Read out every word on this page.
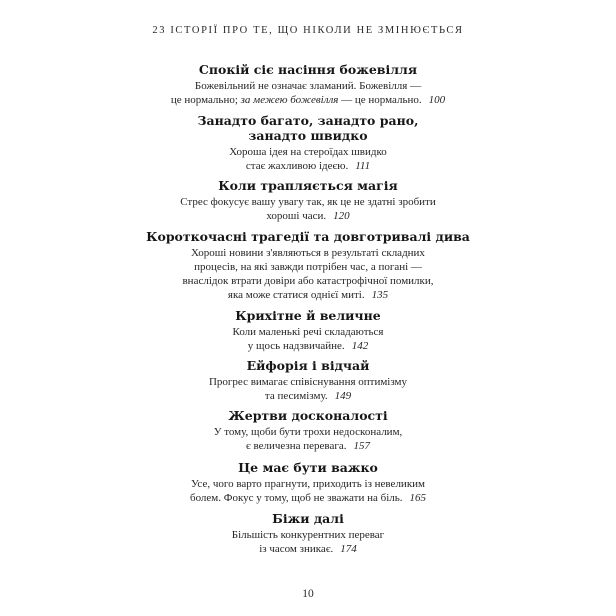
23 ІСТОРІЇ ПРО ТЕ, ЩО НІКОЛИ НЕ ЗМІНЮЄТЬСЯ
Спокій сіє насіння божевілля
Божевільний не означає зламаний. Божевілля —
це нормально; за межею божевілля — це нормально. 100
Занадто багато, занадто рано,
занадто швидко
Хороша ідея на стероїдах швидко
стає жахливою ідеєю. 111
Коли трапляється магія
Стрес фокусує вашу увагу так, як це не здатні зробити
хороші часи. 120
Короткочасні трагедії та довготривалі дива
Хороші новини з'являються в результаті складних
процесів, на які завжди потрібен час, а погані —
внаслідок втрати довіри або катастрофічної помилки,
яка може статися однієї миті. 135
Крихітне й величне
Коли маленькі речі складаються
у щось надзвичайне. 142
Ейфорія і відчай
Прогрес вимагає співіснування оптимізму
та песимізму. 149
Жертви досконалості
У тому, щоби бути трохи недосконалим,
є величезна перевага. 157
Це має бути важко
Усе, чого варто прагнути, приходить із невеликим
болем. Фокус у тому, щоб не зважати на біль. 165
Біжи далі
Більшість конкурентних переваг
із часом зникає. 174
10
